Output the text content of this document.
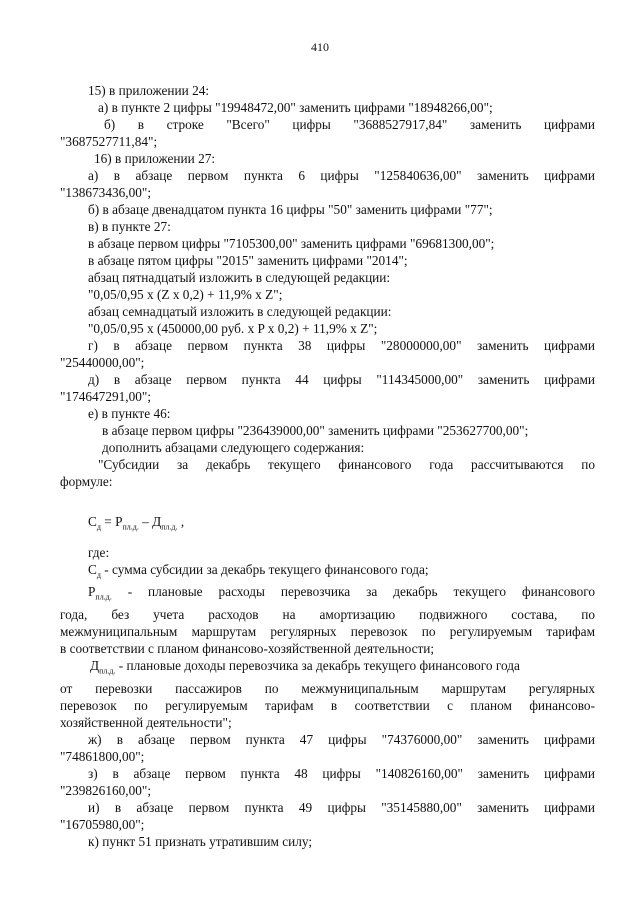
410
15) в приложении 24:
а) в пункте 2 цифры "19948472,00" заменить цифрами "18948266,00";
б) в строке "Всего" цифры "3688527917,84" заменить цифрами
"3687527711,84";
16) в приложении 27:
а) в абзаце первом пункта 6 цифры "125840636,00" заменить цифрами
"138673436,00";
б) в абзаце двенадцатом пункта 16 цифры "50" заменить цифрами "77";
в) в пункте 27:
в абзаце первом цифры "7105300,00" заменить цифрами "69681300,00";
в абзаце пятом цифры "2015" заменить цифрами "2014";
абзац пятнадцатый изложить в следующей редакции:
"0,05/0,95 x (Z x 0,2) + 11,9% x Z";
абзац семнадцатый изложить в следующей редакции:
"0,05/0,95 x (450000,00 руб. x P x 0,2) + 11,9% x Z";
г) в абзаце первом пункта 38 цифры "28000000,00" заменить цифрами
"25440000,00";
д) в абзаце первом пункта 44 цифры "114345000,00" заменить цифрами
"174647291,00";
е) в пункте 46:
в абзаце первом цифры "236439000,00" заменить цифрами "253627700,00";
дополнить абзацами следующего содержания:
"Субсидии за декабрь текущего финансового года рассчитываются по
формуле:
$С_д = Р_{пл.д.} - Д_{пл.д.}$ ,
где:
$С_д$ - сумма субсидии за декабрь текущего финансового года;
$Р_{пл.д.}$ - плановые расходы перевозчика за декабрь текущего финансового
года, без учета расходов на амортизацию подвижного состава, по
межмуниципальным маршрутам регулярных перевозок по регулируемым тарифам
в соответствии с планом финансово-хозяйственной деятельности;
$Д_{пл.д.}$ - плановые доходы перевозчика за декабрь текущего финансового года
от перевозки пассажиров по межмуниципальным маршрутам регулярных
перевозок по регулируемым тарифам в соответствии с планом финансово-
хозяйственной деятельности";
ж) в абзаце первом пункта 47 цифры "74376000,00" заменить цифрами
"74861800,00";
з) в абзаце первом пункта 48 цифры "140826160,00" заменить цифрами
"239826160,00";
и) в абзаце первом пункта 49 цифры "35145880,00" заменить цифрами
"16705980,00";
к) пункт 51 признать утратившим силу;
